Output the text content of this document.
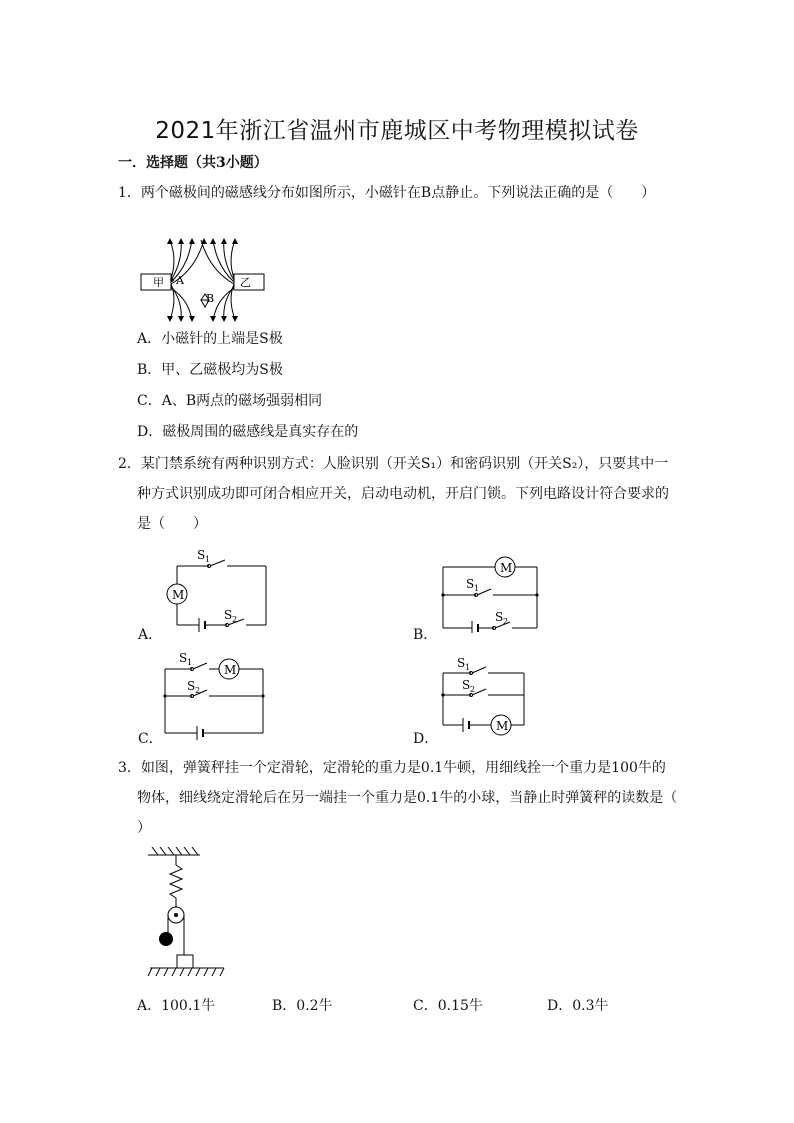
2021年浙江省温州市鹿城区中考物理模拟试卷
一．选择题（共3小题）
1．两个磁极间的磁感线分布如图所示，小磁针在B点静止。下列说法正确的是（　　）
甲	乙
A
B
A．小磁针的上端是S极
B．甲、乙磁极均为S极
C．A、B两点的磁场强弱相同
D．磁极周围的磁感线是真实存在的
2．某门禁系统有两种识别方式：人脸识别（开关S₁）和密码识别（开关S₂），只要其中一
种方式识别成功即可闭合相应开关，启动电动机，开启门锁。下列电路设计符合要求的
是（　　）
M
S 1
S 2
A．
M
S 1
S 2
B．
M
S 1
S 2
C．
M
S 1
S 2
D．
3．如图，弹簧秤挂一个定滑轮，定滑轮的重力是0.1牛顿，用细线拴一个重力是100牛的
物体，细线绕定滑轮后在另一端挂一个重力是0.1牛的小球，当静止时弹簧秤的读数是（
）
A．100.1牛	B．0.2牛	C．0.15牛	D．0.3牛
